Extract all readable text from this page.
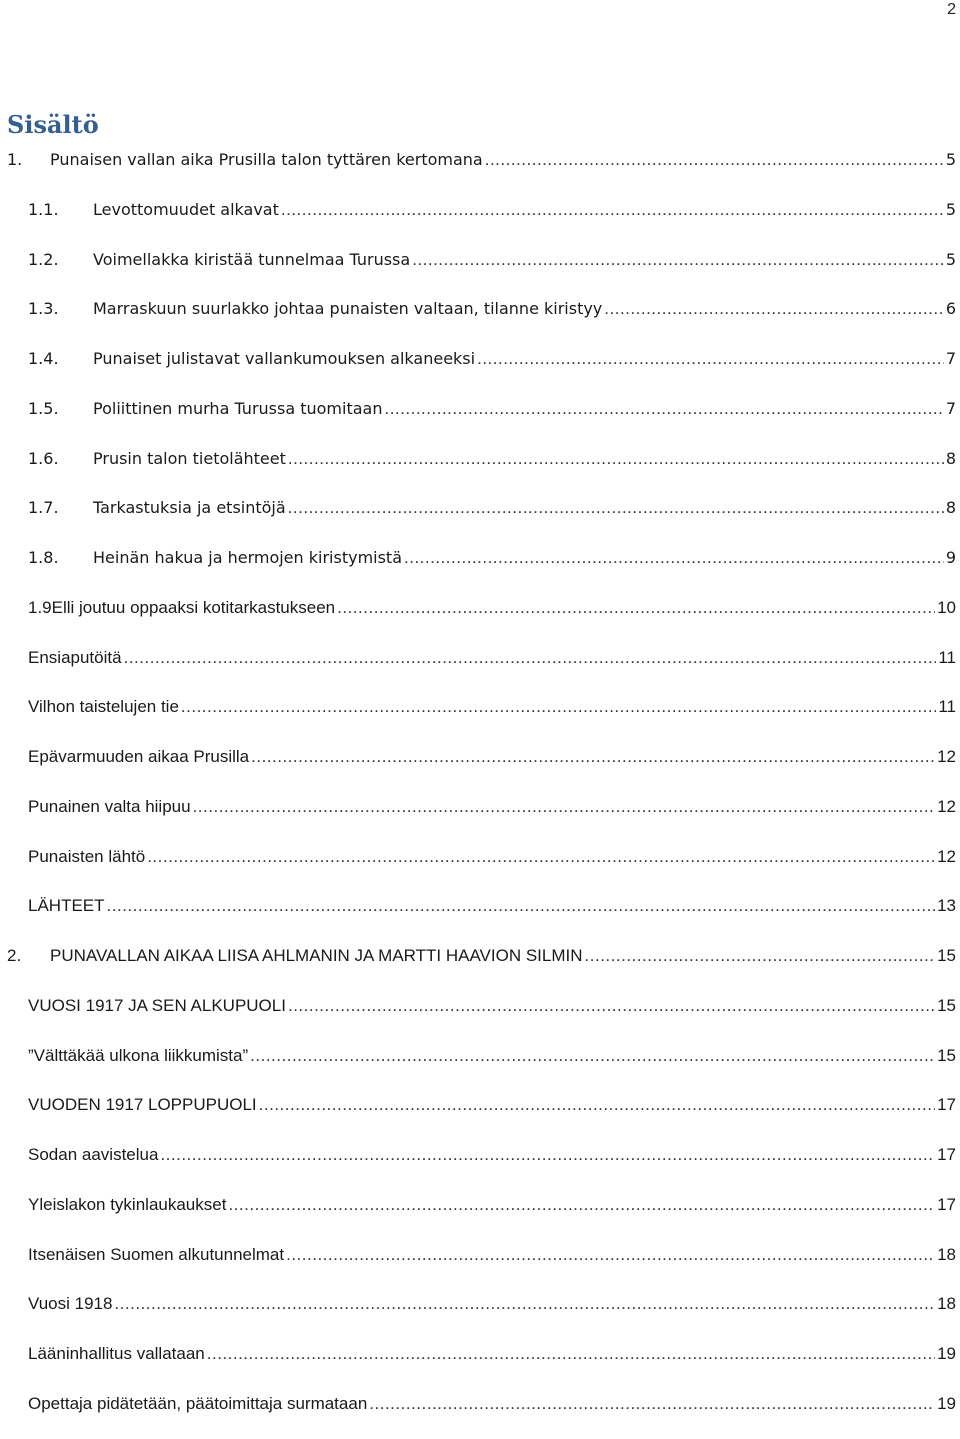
2
Sisältö
1.	Punaisen vallan aika Prusilla talon tyttären kertomana .....	5
1.1.	Levottomuudet alkavat .....	5
1.2.	Voimellakka kiristää tunnelmaa Turussa .....	5
1.3.	Marraskuun suurlakko johtaa punaisten valtaan, tilanne kiristyy .....	6
1.4.	Punaiset julistavat vallankumouksen alkaneeksi .....	7
1.5.	Poliittinen murha Turussa tuomitaan .....	7
1.6.	Prusin talon tietolähteet .....	8
1.7.	Tarkastuksia ja etsintöjä .....	8
1.8.	Heinän hakua ja hermojen kiristymistä .....	9
1.9Elli joutuu oppaaksi kotitarkastukseen .....	10
Ensiaputöitä .....	11
Vilhon taistelujen tie .....	11
Epävarmuuden aikaa Prusilla .....	12
Punainen valta hiipuu .....	12
Punaisten lähtö .....	12
LÄHTEET .....	13
2.	PUNAVALLAN AIKAA LIISA AHLMANIN JA MARTTI HAAVION SILMIN .....	15
VUOSI 1917 JA SEN ALKUPUOLI .....	15
”Välttäkää ulkona liikkumista” .....	15
VUODEN 1917 LOPPUPUOLI .....	17
Sodan aavistelua .....	17
Yleislakon tykinlaukaukset .....	17
Itsenäisen Suomen alkutunnelmat .....	18
Vuosi 1918 .....	18
Lääninhallitus vallataan .....	19
Opettaja pidätetään, päätoimittaja surmataan .....	19
